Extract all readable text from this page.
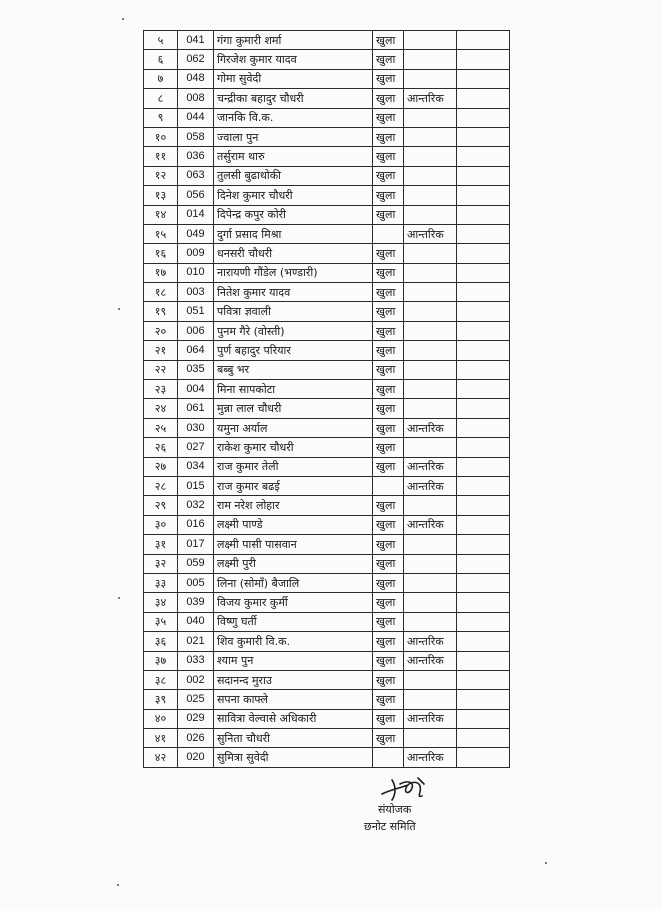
५	041	गंगा कुमारी शर्मा	खुला		
६	062	गिरजेश कुमार यादव	खुला		
७	048	गोमा सुवेदी	खुला		
८	008	चन्द्रीका बहादुर चौधरी	खुला	आन्तरिक	
९	044	जानकि वि.क.	खुला		
१०	058	ज्वाला पुन	खुला		
११	036	तर्सुराम थारु	खुला		
१२	063	तुलसी बुढाथोकी	खुला		
१३	056	दिनेश कुमार चौधरी	खुला		
१४	014	दिपेन्द्र कपुर कोरी	खुला		
१५	049	दुर्गा प्रसाद मिश्रा		आन्तरिक	
१६	009	धनसरी चौधरी	खुला		
१७	010	नारायणी गौंडेल (भण्डारी)	खुला		
१८	003	नितेश कुमार यादव	खुला		
१९	051	पवित्रा ज्ञवाली	खुला		
२०	006	पुनम गैरे (वोस्ती)	खुला		
२१	064	पुर्ण बहादुर परियार	खुला		
२२	035	बब्बु भर	खुला		
२३	004	मिना सापकोटा	खुला		
२४	061	मुन्ना लाल चौधरी	खुला		
२५	030	यमुना अर्याल	खुला	आन्तरिक	
२६	027	राकेश कुमार चौधरी	खुला		
२७	034	राज कुमार तेली	खुला	आन्तरिक	
२८	015	राज कुमार बढई		आन्तरिक	
२९	032	राम नरेश लोहार	खुला		
३०	016	लक्ष्मी पाण्डे	खुला	आन्तरिक	
३१	017	लक्ष्मी पासी पासवान	खुला		
३२	059	लक्ष्मी पुरी	खुला		
३३	005	लिना (सोमाँ) बैजालि	खुला		
३४	039	विजय कुमार कुर्मी	खुला		
३५	040	विष्णु घर्ती	खुला		
३६	021	शिव कुमारी वि.क.	खुला	आन्तरिक	
३७	033	श्याम पुन	खुला	आन्तरिक	
३८	002	सदानन्द मुराउ	खुला		
३९	025	सपना काफ्ले	खुला		
४०	029	सावित्रा वेल्वासे अधिकारी	खुला	आन्तरिक	
४१	026	सुनिता चौधरी	खुला		
४२	020	सुमित्रा सुवेदी		आन्तरिक	
संयोजक
छनोट समिति
